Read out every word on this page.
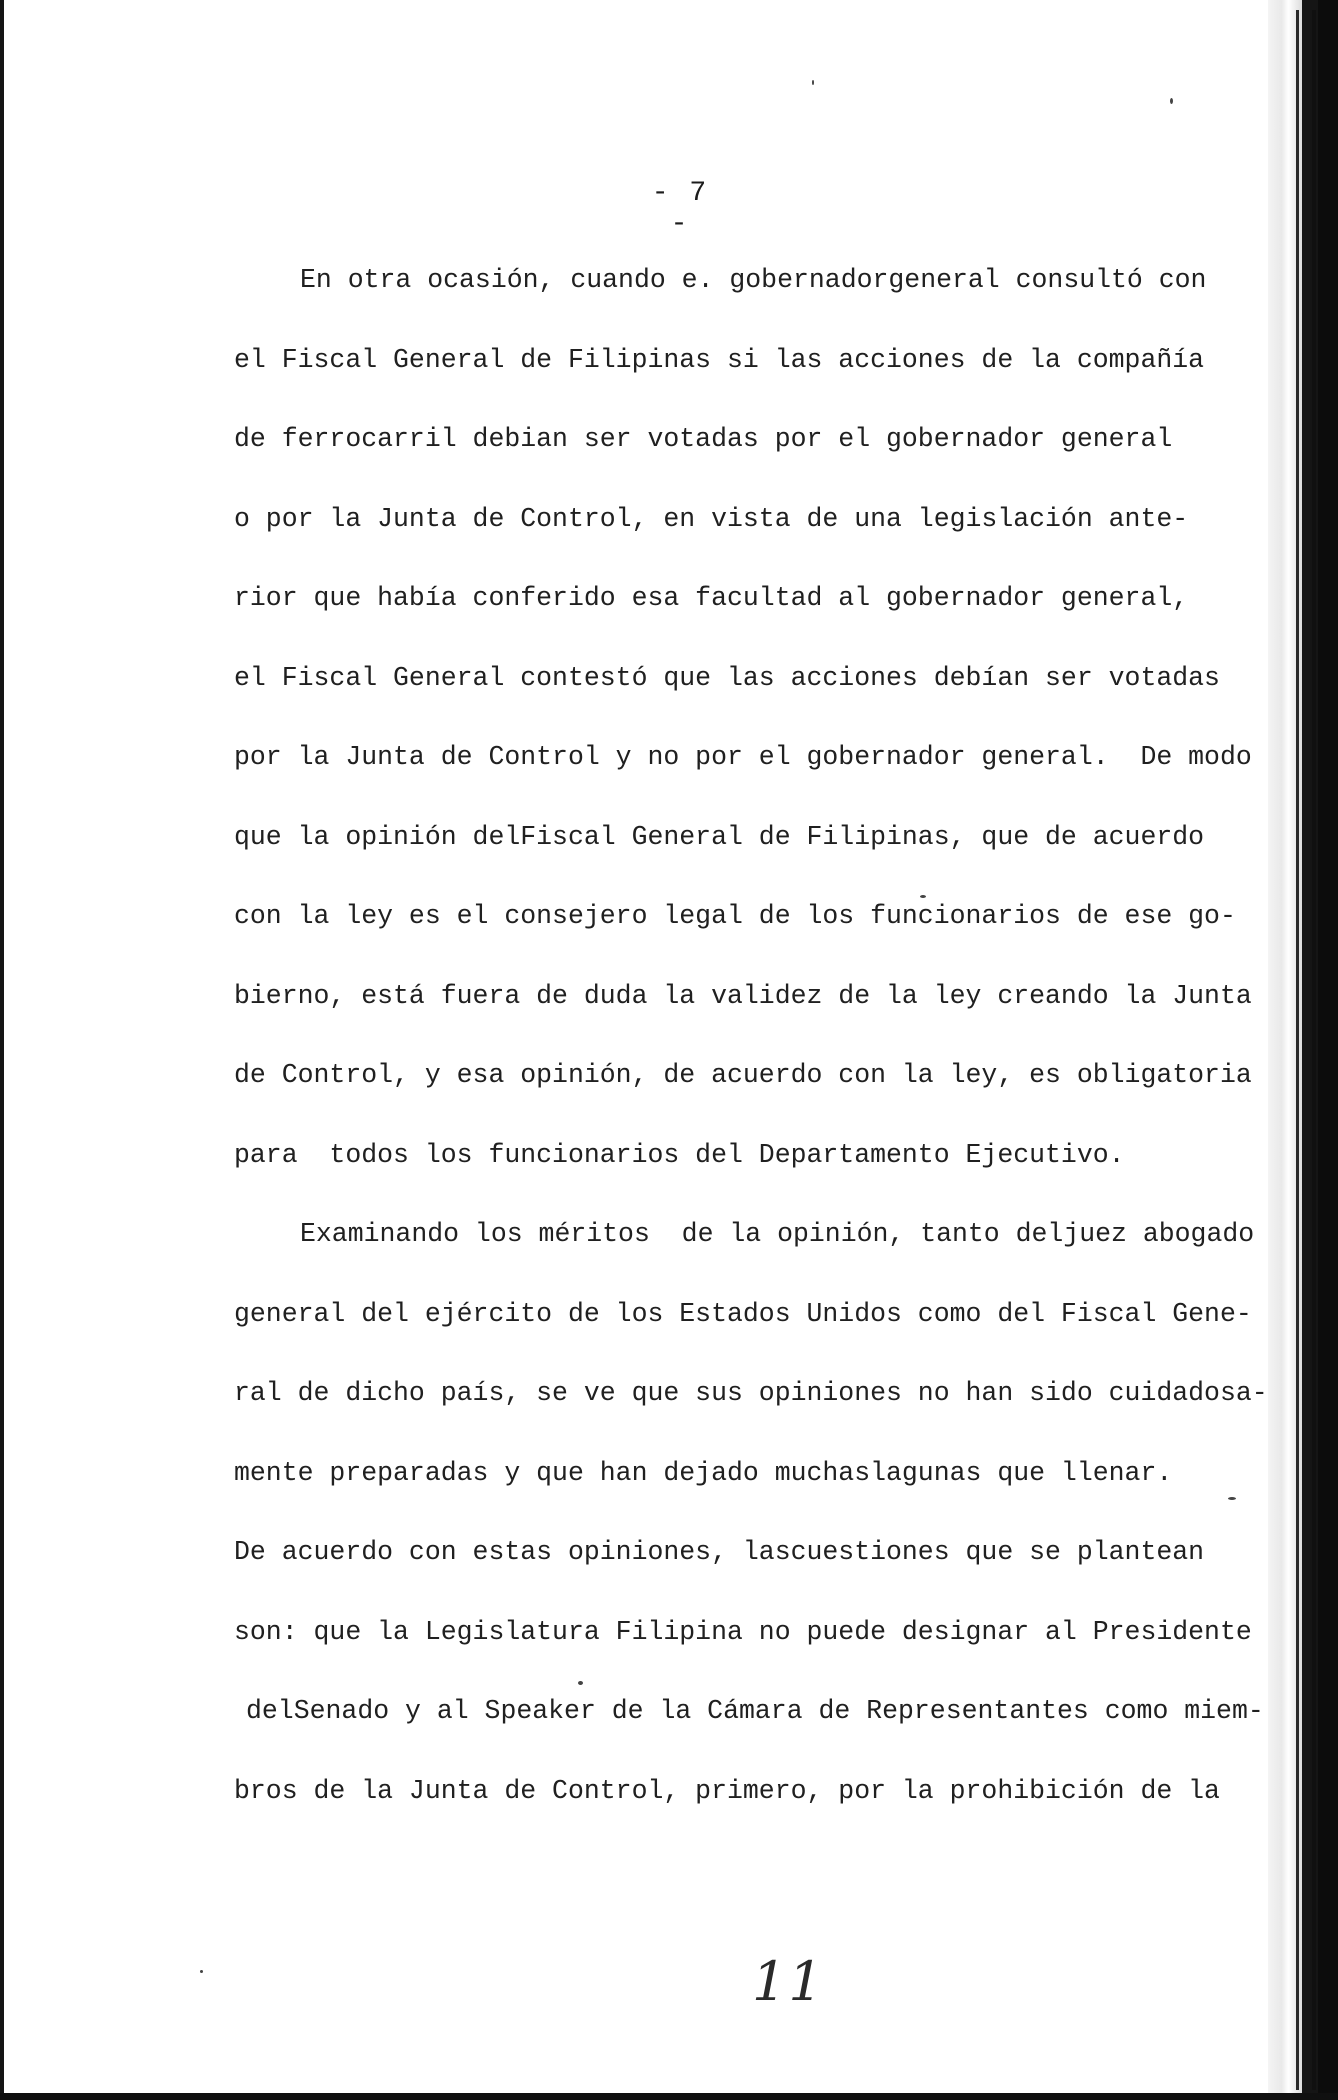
- 7 -
En otra ocasión, cuando e. gobernadorgeneral consultó con
el Fiscal General de Filipinas si las acciones de la compañía
de ferrocarril debian ser votadas por el gobernador general
o por la Junta de Control, en vista de una legislación ante-
rior que había conferido esa facultad al gobernador general,
el Fiscal General contestó que las acciones debían ser votadas
por la Junta de Control y no por el gobernador general.  De modo
que la opinión delFiscal General de Filipinas, que de acuerdo
con la ley es el consejero legal de los funcionarios de ese go-
bierno, está fuera de duda la validez de la ley creando la Junta
de Control, y esa opinión, de acuerdo con la ley, es obligatoria
para  todos los funcionarios del Departamento Ejecutivo.
Examinando los méritos  de la opinión, tanto deljuez abogado
general del ejército de los Estados Unidos como del Fiscal Gene-
ral de dicho país, se ve que sus opiniones no han sido cuidadosa-
mente preparadas y que han dejado muchaslagunas que llenar.
De acuerdo con estas opiniones, lascuestiones que se plantean
son: que la Legislatura Filipina no puede designar al Presidente
delSenado y al Speaker de la Cámara de Representantes como miem-
bros de la Junta de Control, primero, por la prohibición de la
11
